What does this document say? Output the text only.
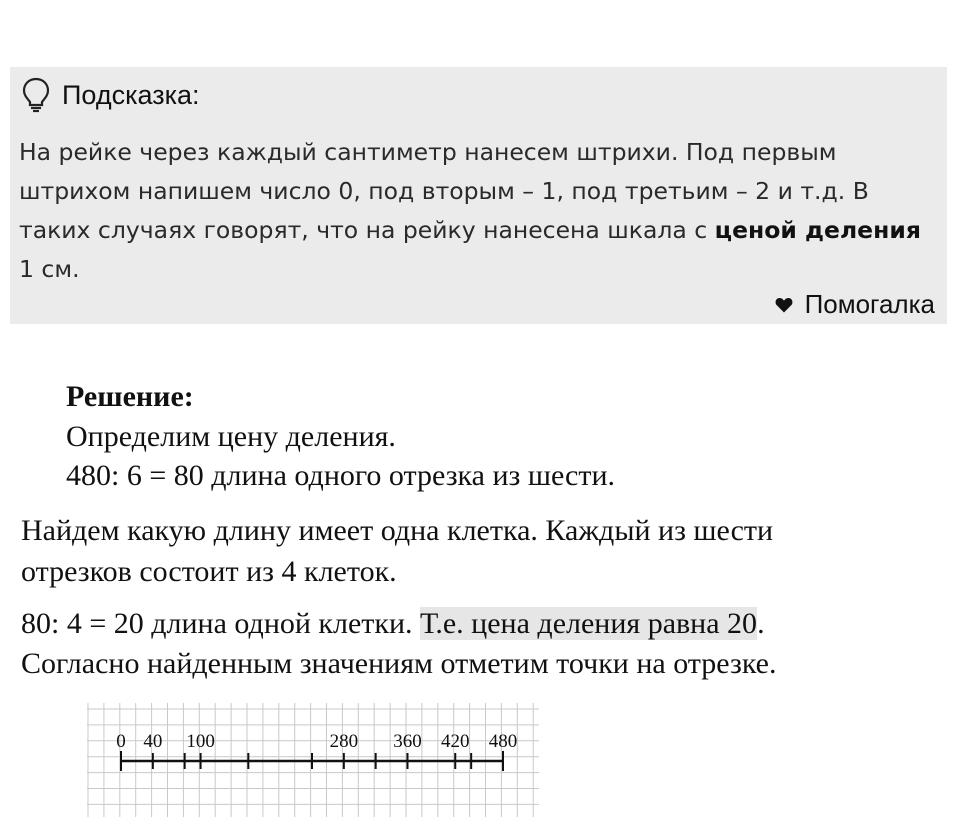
Подсказка:
На рейке через каждый сантиметр нанесем штрихи. Под первым штрихом напишем число 0, под вторым – 1, под третьим – 2 и т.д. В таких случаях говорят, что на рейку нанесена шкала с ценой деления 1 см.
Помогалка
Решение:
Определим цену деления.
480: 6 = 80 длина одного отрезка из шести.
Найдем какую длину имеет одна клетка. Каждый из шести
отрезков состоит из 4 клеток.
80: 4 = 20 длина одной клетки. Т.е. цена деления равна 20.
Согласно найденным значениям отметим точки на отрезке.
0 40 100	280 360 420 480
